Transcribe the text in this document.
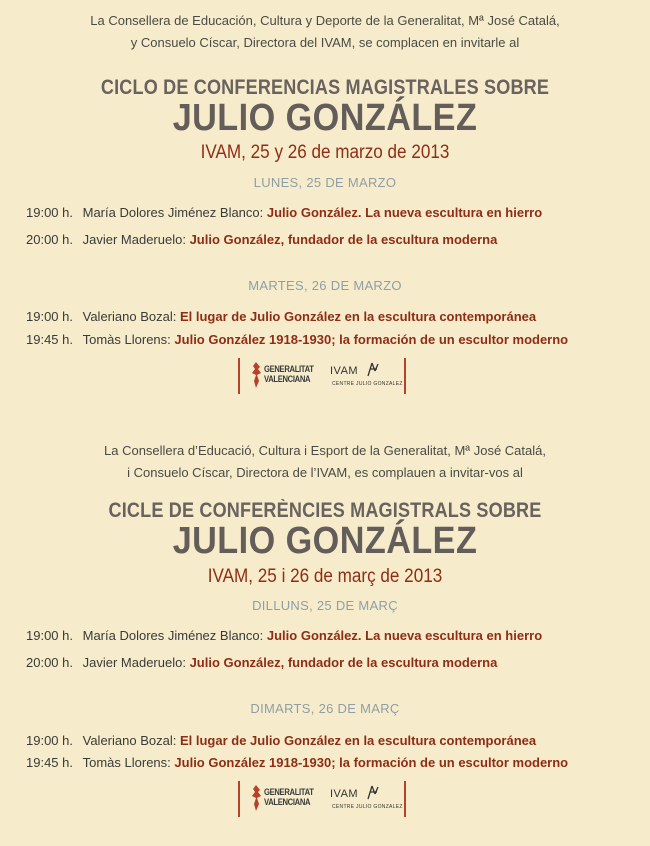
La Consellera de Educación, Cultura y Deporte de la Generalitat, Mª José Catalá,
y Consuelo Císcar, Directora del IVAM, se complacen en invitarle al
CICLO DE CONFERENCIAS MAGISTRALES SOBRE
JULIO GONZÁLEZ
IVAM, 25 y 26 de marzo de 2013
LUNES, 25 DE MARZO
19:00 h. María Dolores Jiménez Blanco: Julio González. La nueva escultura en hierro
20:00 h. Javier Maderuelo: Julio González, fundador de la escultura moderna
MARTES, 26 DE MARZO
19:00 h. Valeriano Bozal: El lugar de Julio González en la escultura contemporánea
19:45 h. Tomàs Llorens: Julio González 1918-1930; la formación de un escultor moderno
GENERALITAT
VALENCIANA
IVAM
CENTRE JULIO GONZALEZ
La Consellera d’Educació, Cultura i Esport de la Generalitat, Mª José Catalá,
i Consuelo Císcar, Directora de l’IVAM, es complauen a invitar-vos al
CICLE DE CONFERÈNCIES MAGISTRALS SOBRE
JULIO GONZÁLEZ
IVAM, 25 i 26 de març de 2013
DILLUNS, 25 DE MARÇ
19:00 h. María Dolores Jiménez Blanco: Julio González. La nueva escultura en hierro
20:00 h. Javier Maderuelo: Julio González, fundador de la escultura moderna
DIMARTS, 26 DE MARÇ
19:00 h. Valeriano Bozal: El lugar de Julio González en la escultura contemporánea
19:45 h. Tomàs Llorens: Julio González 1918-1930; la formación de un escultor moderno
GENERALITAT
VALENCIANA
IVAM
CENTRE JULIO GONZALEZ
